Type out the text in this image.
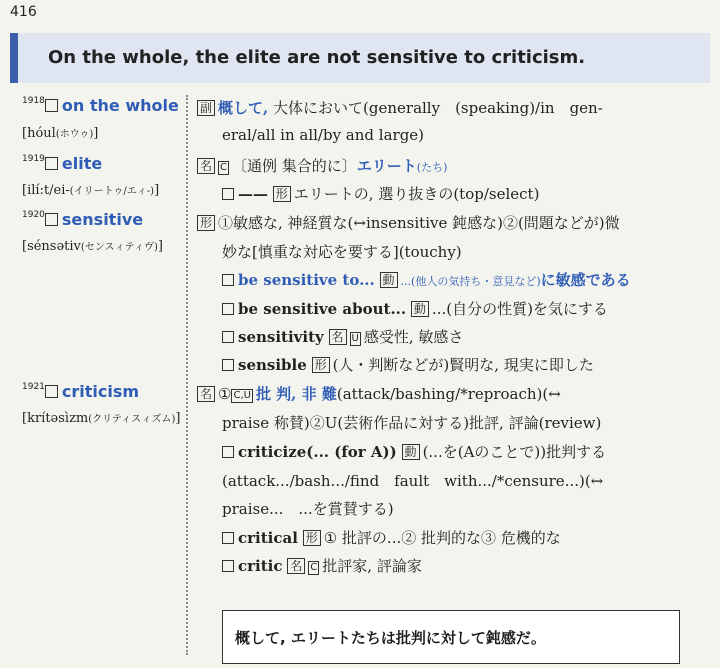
416
On the whole, the elite are not sensitive to criticism.
$^{1918}$ on the whole
[hóul(ホウゥ)]
$^{1919}$ elite
[ilí:t/ei-(イリートゥ/エィ-)]
$^{1920}$ sensitive
[sénsətiv(センスィティヴ)]
$^{1921}$ criticism
[krítəsìzm(クリティスィズム)]
副 概して, 大体において(generally　(speaking)/in　gen-
eral/all in all/by and large)
名 C 〔通例 集合的に〕エリート(たち)
—— 形 エリートの, 選り抜きの(top/select)
形 ①敏感な, 神経質な(↔insensitive 鈍感な)②(問題などが)微
妙な[慎重な対応を要する](touchy)
be sensitive to... 動 ...(他人の気持ち・意見など)に敏感である
be sensitive about... 動 ...(自分の性質)を気にする
sensitivity 名 U 感受性, 敏感さ
sensible 形 (人・判断などが)賢明な, 現実に即した
名 ① C,U 批 判, 非 難(attack/bashing/*reproach)(↔
praise 称賛)②U(芸術作品に対する)批評, 評論(review)
criticize(... (for A)) 動 (...を(Aのことで))批判する
(attack.../bash.../find　fault　with.../*censure...)(↔
praise...　...を賞賛する)
critical 形 ① 批評の...② 批判的な③ 危機的な
critic 名 C 批評家, 評論家
概して, エリートたちは批判に対して鈍感だ。
